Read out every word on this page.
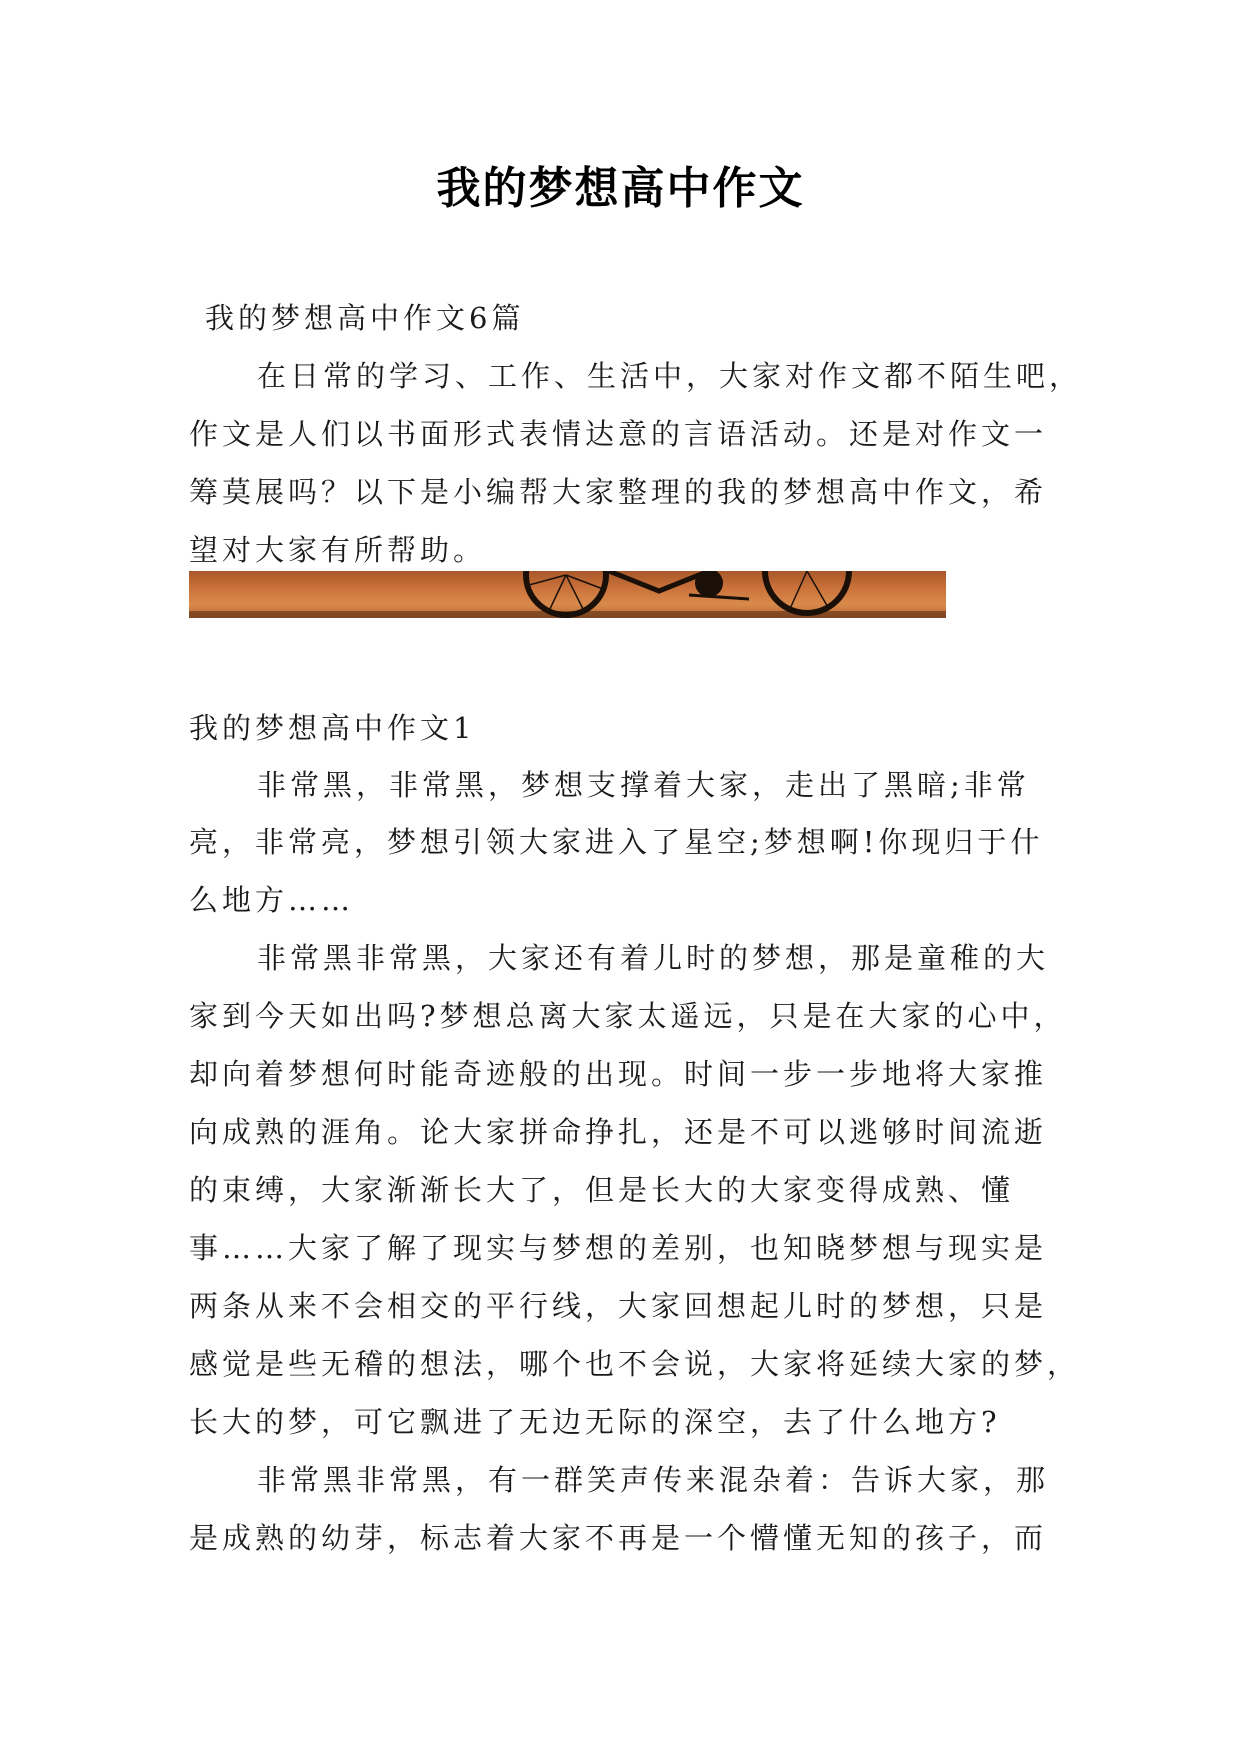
我的梦想高中作文
我的梦想高中作文6篇
在日常的学习、工作、生活中，大家对作文都不陌生吧，
作文是人们以书面形式表情达意的言语活动。还是对作文一
筹莫展吗？以下是小编帮大家整理的我的梦想高中作文，希
望对大家有所帮助。
我的梦想高中作文1
非常黑，非常黑，梦想支撑着大家，走出了黑暗;非常
亮，非常亮，梦想引领大家进入了星空;梦想啊!你现归于什
么地方……
非常黑非常黑，大家还有着儿时的梦想，那是童稚的大
家到今天如出吗?梦想总离大家太遥远，只是在大家的心中，
却向着梦想何时能奇迹般的出现。时间一步一步地将大家推
向成熟的涯角。论大家拼命挣扎，还是不可以逃够时间流逝
的束缚，大家渐渐长大了，但是长大的大家变得成熟、懂
事……大家了解了现实与梦想的差别，也知晓梦想与现实是
两条从来不会相交的平行线，大家回想起儿时的梦想，只是
感觉是些无稽的想法，哪个也不会说，大家将延续大家的梦，
长大的梦，可它飘进了无边无际的深空，去了什么地方?
非常黑非常黑，有一群笑声传来混杂着：告诉大家，那
是成熟的幼芽，标志着大家不再是一个懵懂无知的孩子，而
